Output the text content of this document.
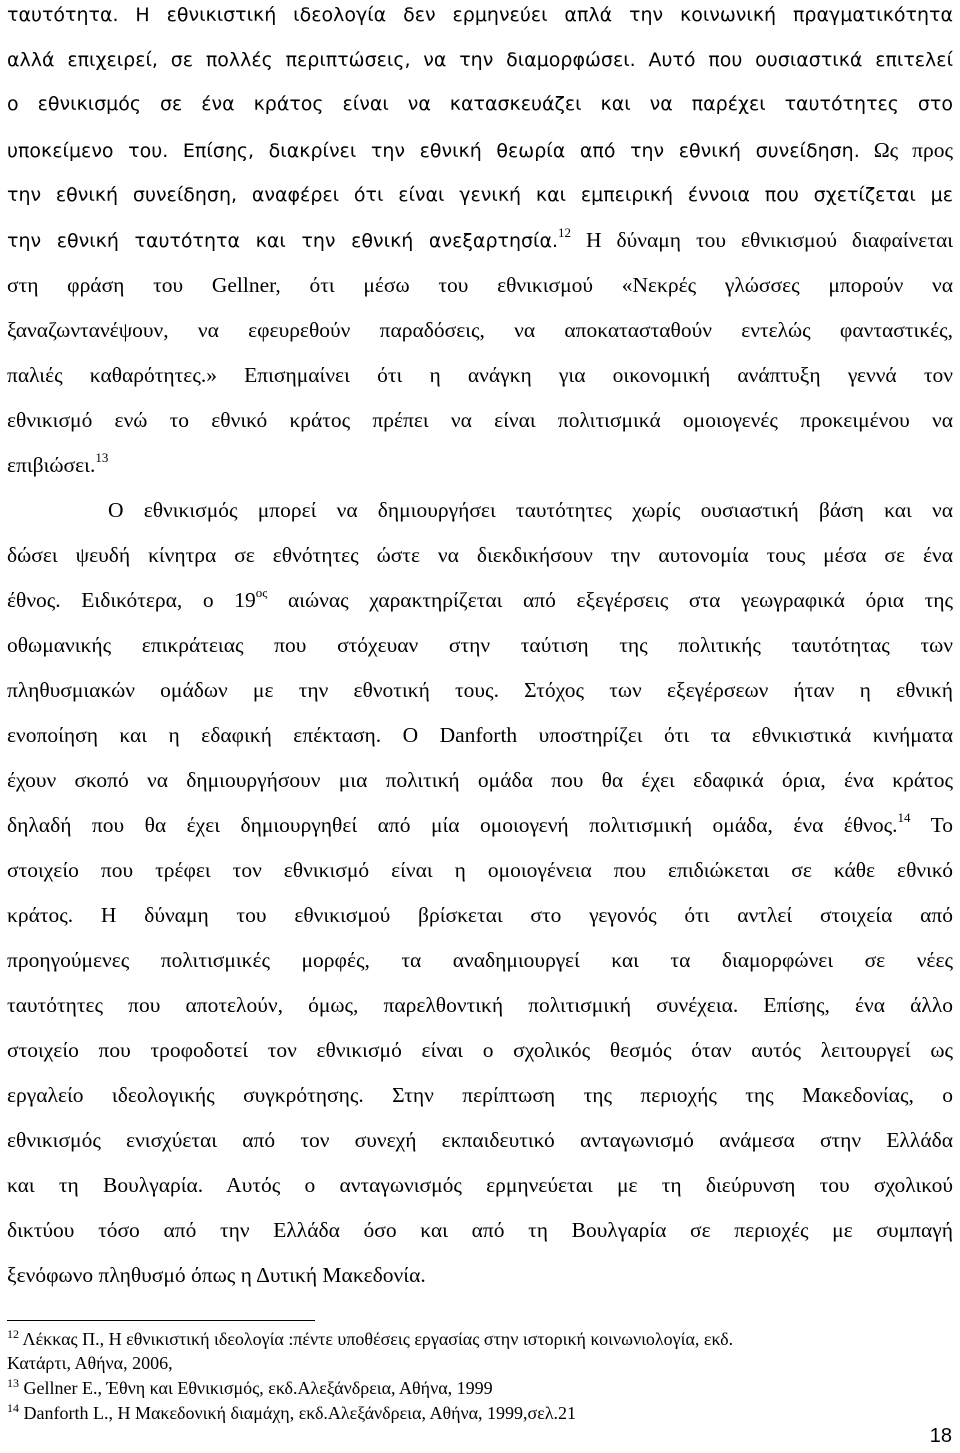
ταυτότητα. Η εθνικιστική ιδεολογία δεν ερμηνεύει απλά την κοινωνική πραγματικότητα
αλλά επιχειρεί, σε πολλές περιπτώσεις, να την διαμορφώσει. Αυτό που ουσιαστικά επιτελεί
ο εθνικισμός σε ένα κράτος είναι να κατασκευάζει και να παρέχει ταυτότητες στο
υποκείμενο του. Επίσης, διακρίνει την εθνική θεωρία από την εθνική συνείδηση. Ως προς
την εθνική συνείδηση, αναφέρει ότι είναι γενική και εμπειρική έννοια που σχετίζεται με
την εθνική ταυτότητα και την εθνική ανεξαρτησία.$^{12}$ Η δύναμη του εθνικισμού διαφαίνεται
στη φράση του Gellner, ότι μέσω του εθνικισμού «Νεκρές γλώσσες μπορούν να
ξαναζωντανέψουν, να εφευρεθούν παραδόσεις, να αποκατασταθούν εντελώς φανταστικές,
παλιές καθαρότητες.» Επισημαίνει ότι η ανάγκη για οικονομική ανάπτυξη γεννά τον
εθνικισμό ενώ το εθνικό κράτος πρέπει να είναι πολιτισμικά ομοιογενές προκειμένου να
επιβιώσει.$^{13}$
Ο εθνικισμός μπορεί να δημιουργήσει ταυτότητες χωρίς ουσιαστική βάση και να
δώσει ψευδή κίνητρα σε εθνότητες ώστε να διεκδικήσουν την αυτονομία τους μέσα σε ένα
έθνος. Ειδικότερα, ο $19^{o\varsigma}$ αιώνας χαρακτηρίζεται από εξεγέρσεις στα γεωγραφικά όρια της
οθωμανικής επικράτειας που στόχευαν στην ταύτιση της πολιτικής ταυτότητας των
πληθυσμιακών ομάδων με την εθνοτική τους. Στόχος των εξεγέρσεων ήταν η εθνική
ενοποίηση και η εδαφική επέκταση. Ο Danforth υποστηρίζει ότι τα εθνικιστικά κινήματα
έχουν σκοπό να δημιουργήσουν μια πολιτική ομάδα που θα έχει εδαφικά όρια, ένα κράτος
δηλαδή που θα έχει δημιουργηθεί από μία ομοιογενή πολιτισμική ομάδα, ένα έθνος.$^{14}$ Το
στοιχείο που τρέφει τον εθνικισμό είναι η ομοιογένεια που επιδιώκεται σε κάθε εθνικό
κράτος. Η δύναμη του εθνικισμού βρίσκεται στο γεγονός ότι αντλεί στοιχεία από
προηγούμενες πολιτισμικές μορφές, τα αναδημιουργεί και τα διαμορφώνει σε νέες
ταυτότητες που αποτελούν, όμως, παρελθοντική πολιτισμική συνέχεια. Επίσης, ένα άλλο
στοιχείο που τροφοδοτεί τον εθνικισμό είναι ο σχολικός θεσμός όταν αυτός λειτουργεί ως
εργαλείο ιδεολογικής συγκρότησης. Στην περίπτωση της περιοχής της Μακεδονίας, ο
εθνικισμός ενισχύεται από τον συνεχή εκπαιδευτικό ανταγωνισμό ανάμεσα στην Ελλάδα
και τη Βουλγαρία. Αυτός ο ανταγωνισμός ερμηνεύεται με τη διεύρυνση του σχολικού
δικτύου τόσο από την Ελλάδα όσο και από τη Βουλγαρία σε περιοχές με συμπαγή
ξενόφωνο πληθυσμό όπως η Δυτική Μακεδονία.
$^{12}$ Λέκκας Π., Η εθνικιστική ιδεολογία :πέντε υποθέσεις εργασίας στην ιστορική κοινωνιολογία, εκδ.
Κατάρτι, Αθήνα, 2006,
$^{13}$ Gellner E., Έθνη και Εθνικισμός, εκδ.Αλεξάνδρεια, Αθήνα, 1999
$^{14}$ Danforth L., Η Μακεδονική διαμάχη, εκδ.Αλεξάνδρεια, Αθήνα, 1999,σελ.21
18
